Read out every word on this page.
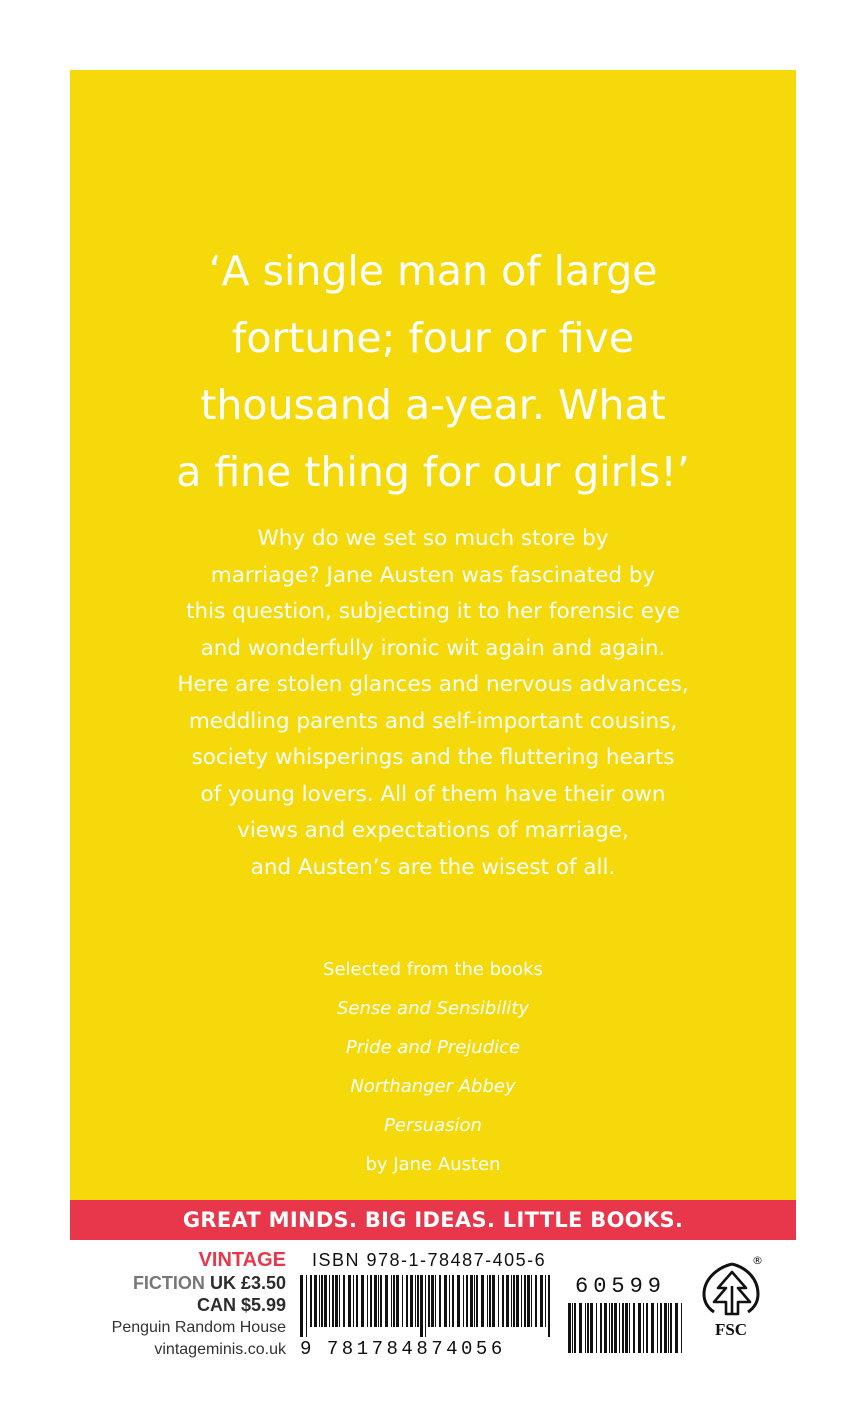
‘A single man of large
fortune; four or five
thousand a-year. What
a fine thing for our girls!’
Why do we set so much store by
marriage? Jane Austen was fascinated by
this question, subjecting it to her forensic eye
and wonderfully ironic wit again and again.
Here are stolen glances and nervous advances,
meddling parents and self-important cousins,
society whisperings and the fluttering hearts
of young lovers. All of them have their own
views and expectations of marriage,
and Austen’s are the wisest of all.
Selected from the books
Sense and Sensibility
Pride and Prejudice
Northanger Abbey
Persuasion
by Jane Austen
GREAT MINDS. BIG IDEAS. LITTLE BOOKS.
VINTAGE
FICTION UK £3.50
CAN $5.99
Penguin Random House
vintageminis.co.uk
ISBN 978-1-78487-405-6
9 781784874056
60599
FSC
®
